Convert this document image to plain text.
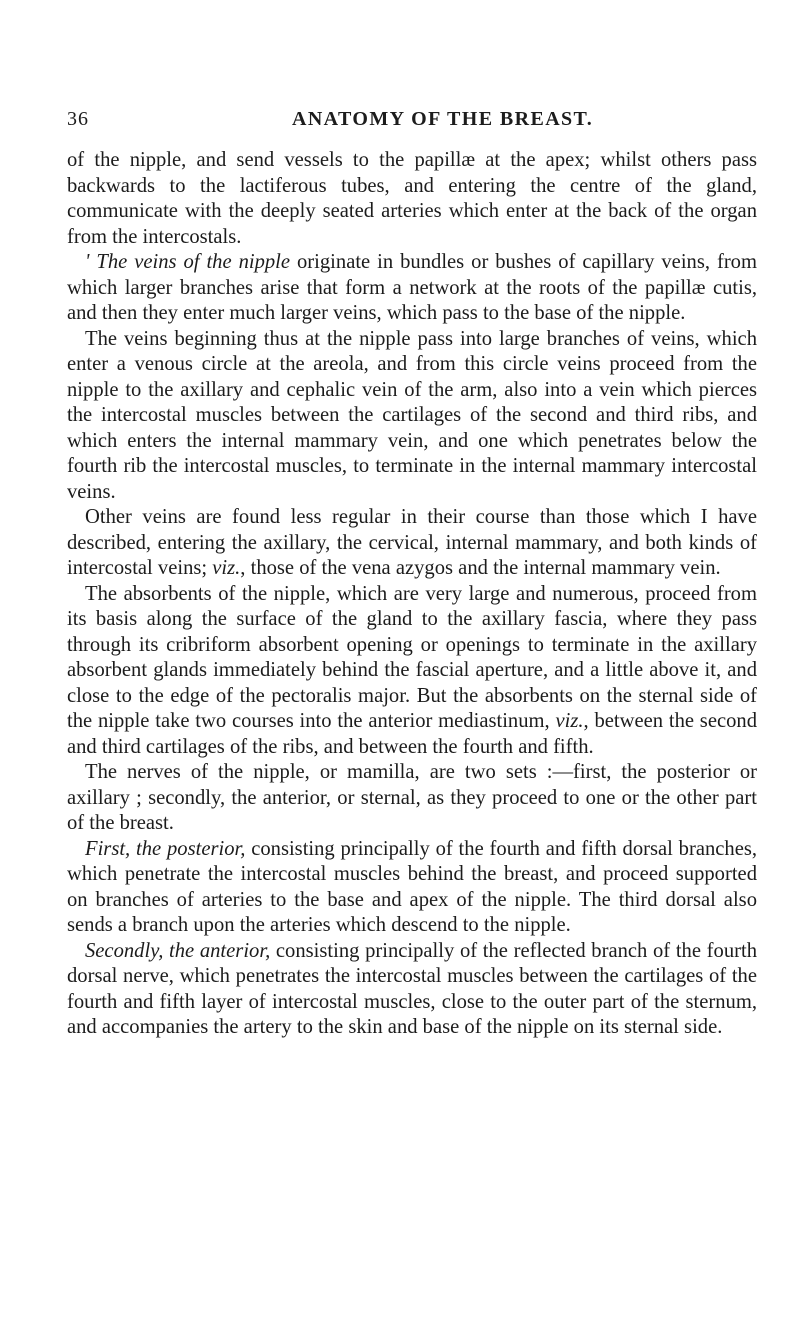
36	ANATOMY OF THE BREAST.

of the nipple, and send vessels to the papillæ at the apex; whilst others pass backwards to the lactiferous tubes, and entering the centre of the gland, communicate with the deeply seated arteries which enter at the back of the organ from the intercostals.

' The veins of the nipple originate in bundles or bushes of capillary veins, from which larger branches arise that form a network at the roots of the papillæ cutis, and then they enter much larger veins, which pass to the base of the nipple.

The veins beginning thus at the nipple pass into large branches of veins, which enter a venous circle at the areola, and from this circle veins proceed from the nipple to the axillary and cephalic vein of the arm, also into a vein which pierces the intercostal muscles between the cartilages of the second and third ribs, and which enters the internal mammary vein, and one which penetrates below the fourth rib the intercostal muscles, to terminate in the internal mammary intercostal veins.

Other veins are found less regular in their course than those which I have described, entering the axillary, the cervical, internal mammary, and both kinds of intercostal veins; viz., those of the vena azygos and the internal mammary vein.

The absorbents of the nipple, which are very large and numerous, proceed from its basis along the surface of the gland to the axillary fascia, where they pass through its cribriform absorbent opening or openings to terminate in the axillary absorbent glands immediately behind the fascial aperture, and a little above it, and close to the edge of the pectoralis major. But the absorbents on the sternal side of the nipple take two courses into the anterior mediastinum, viz., between the second and third cartilages of the ribs, and between the fourth and fifth.

The nerves of the nipple, or mamilla, are two sets :—first, the posterior or axillary ; secondly, the anterior, or sternal, as they proceed to one or the other part of the breast.

First, the posterior, consisting principally of the fourth and fifth dorsal branches, which penetrate the intercostal muscles behind the breast, and proceed supported on branches of arteries to the base and apex of the nipple. The third dorsal also sends a branch upon the arteries which descend to the nipple.

Secondly, the anterior, consisting principally of the reflected branch of the fourth dorsal nerve, which penetrates the intercostal muscles between the cartilages of the fourth and fifth layer of intercostal muscles, close to the outer part of the sternum, and accompanies the artery to the skin and base of the nipple on its sternal side.
